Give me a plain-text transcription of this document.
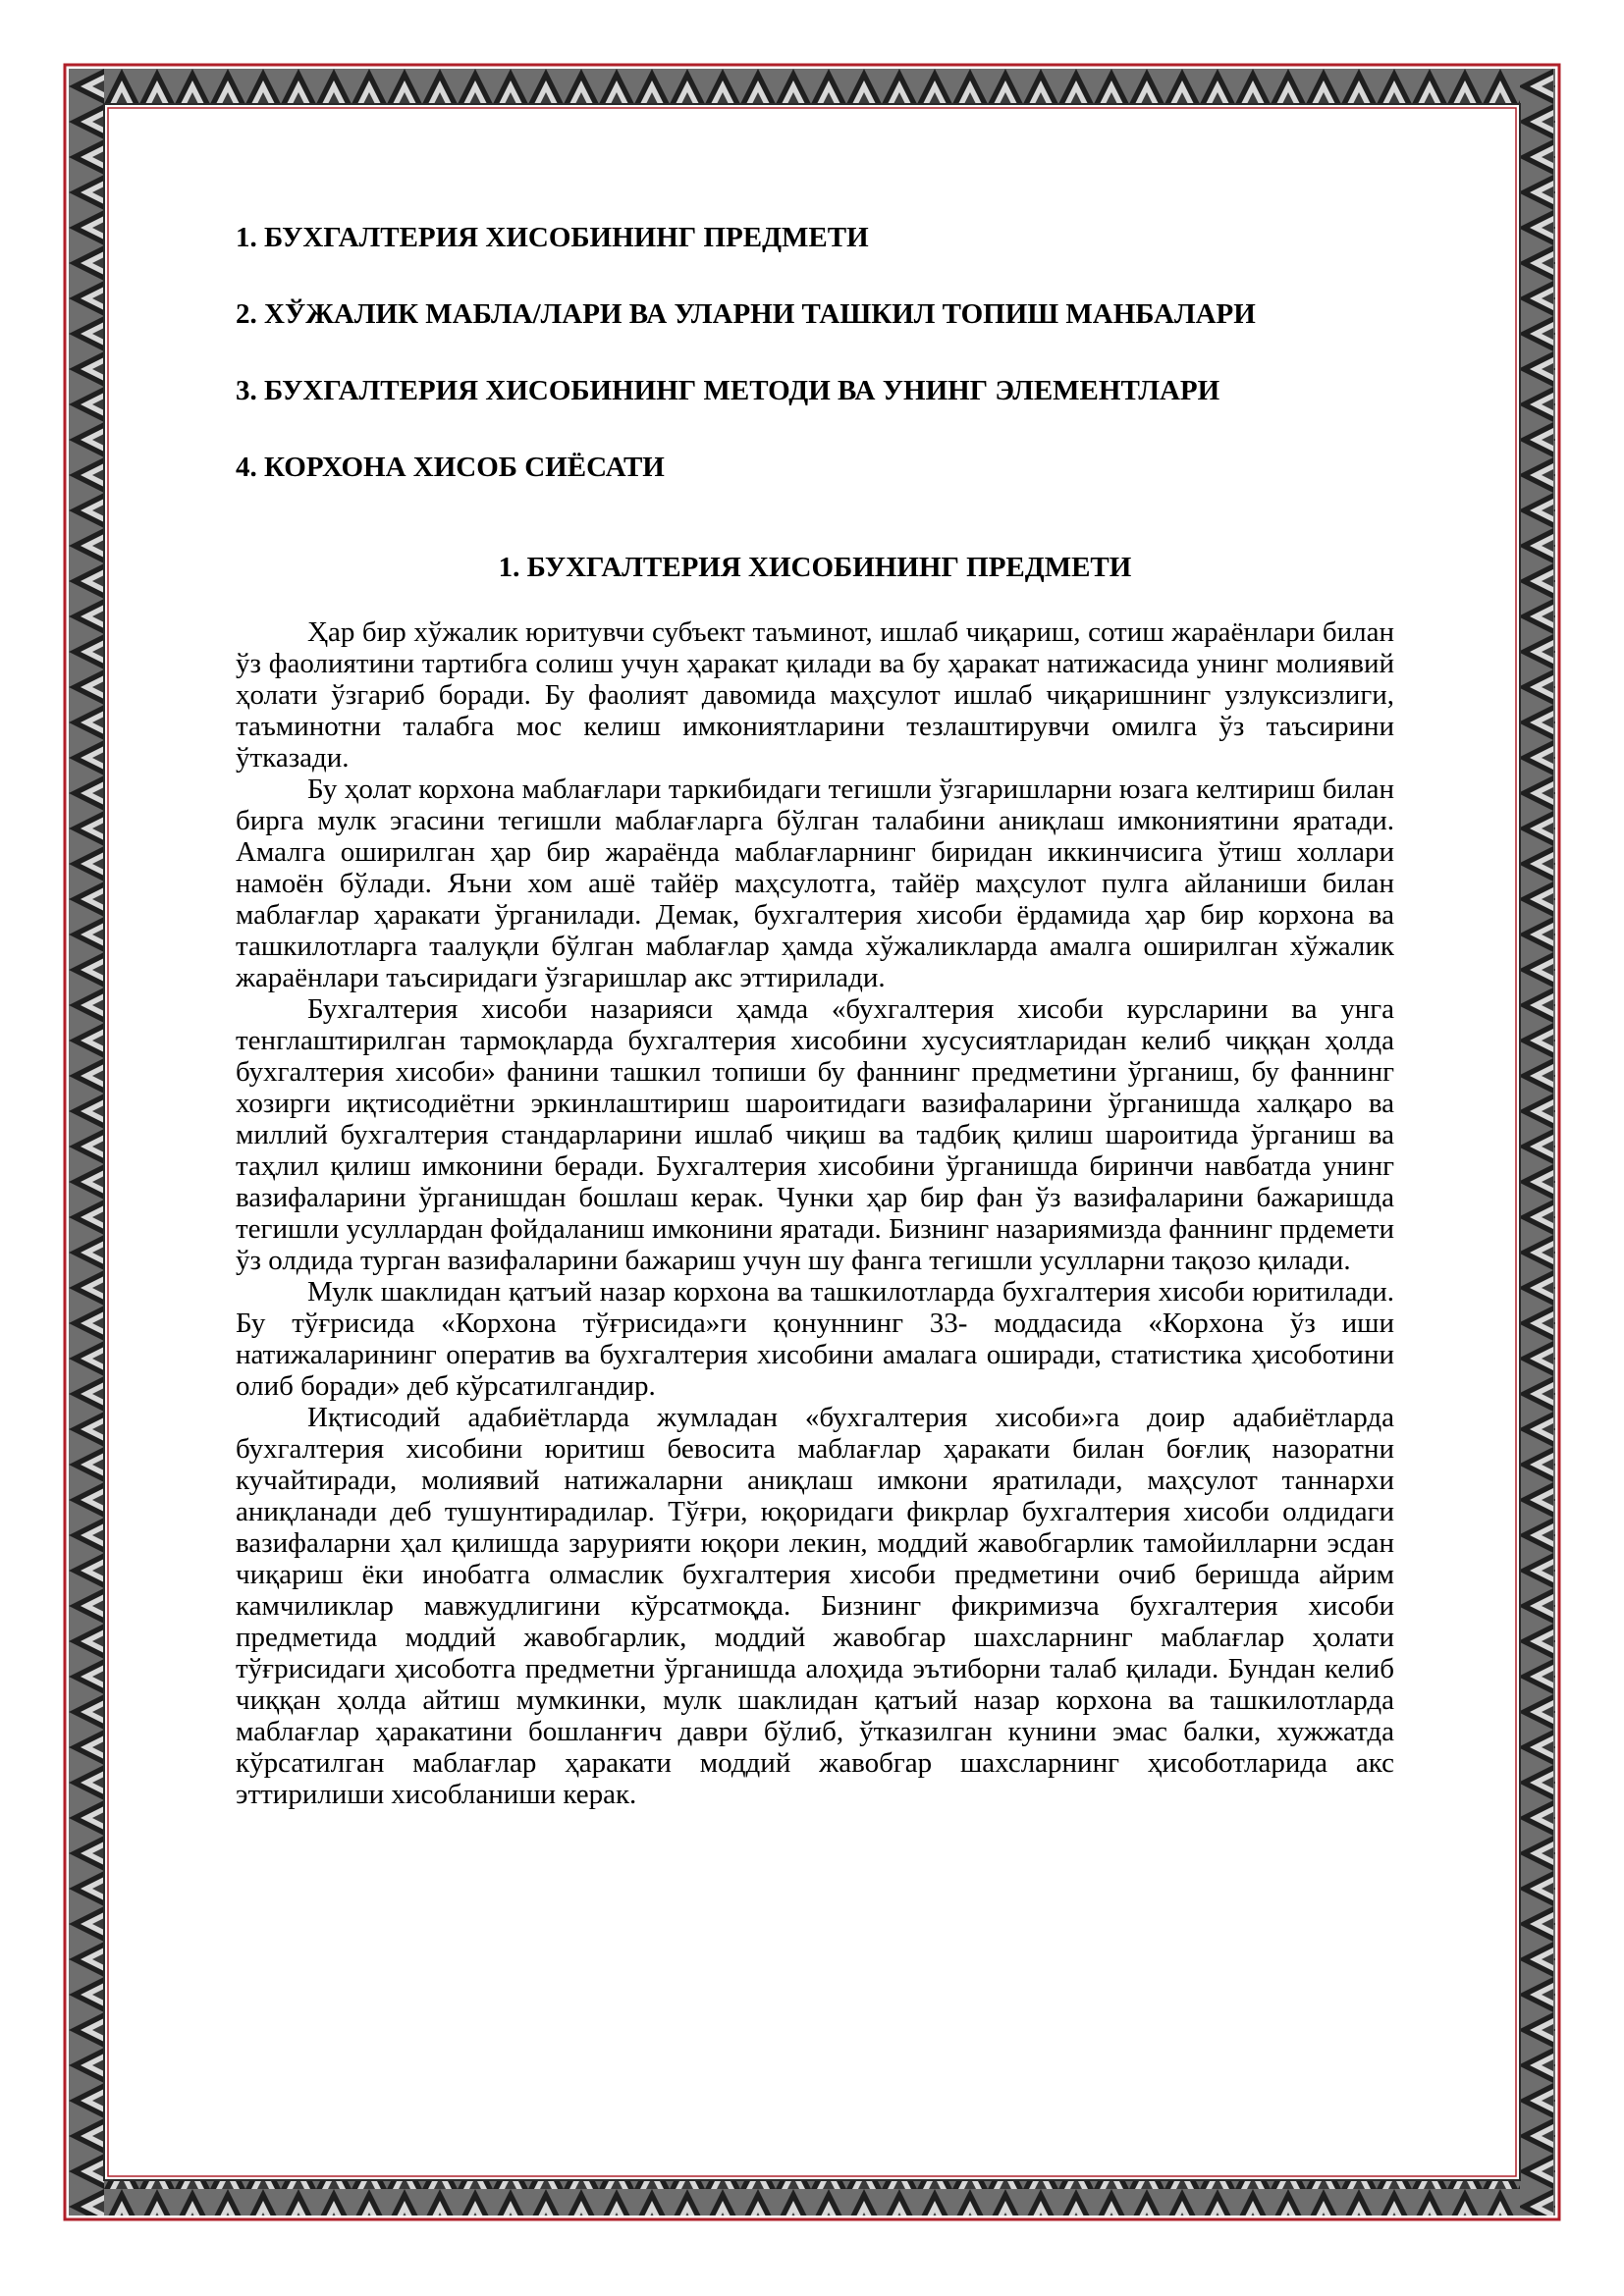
1. БУХГАЛТЕРИЯ ХИСОБИНИНГ ПРЕДМЕТИ
2. ХЎЖАЛИК МАБЛА/ЛАРИ ВА УЛАРНИ ТАШКИЛ ТОПИШ МАНБАЛАРИ
3. БУХГАЛТЕРИЯ ХИСОБИНИНГ МЕТОДИ ВА УНИНГ ЭЛЕМЕНТЛАРИ
4. КОРХОНА ХИСОБ СИЁСАТИ
1. БУХГАЛТЕРИЯ ХИСОБИНИНГ ПРЕДМЕТИ

Ҳар бир хўжалик юритувчи субъект таъминот, ишлаб чиқариш, сотиш жараёнлари билан ўз фаолиятини тартибга солиш учун ҳаракат қилади ва бу ҳаракат натижасида унинг молиявий ҳолати ўзгариб боради. Бу фаолият давомида маҳсулот ишлаб чиқаришнинг узлуксизлиги, таъминотни талабга мос келиш имкониятларини тезлаштирувчи омилга ўз таъсирини ўтказади.

Бу ҳолат корхона маблағлари таркибидаги тегишли ўзгаришларни юзага келтириш билан бирга мулк эгасини тегишли маблағларга бўлган талабини аниқлаш имкониятини яратади. Амалга оширилган ҳар бир жараёнда маблағларнинг биридан иккинчисига ўтиш холлари намоён бўлади. Яъни хом ашё тайёр маҳсулотга, тайёр маҳсулот пулга айланиши билан маблағлар ҳаракати ўрганилади. Демак, бухгалтерия хисоби ёрдамида ҳар бир корхона ва ташкилотларга таалуқли бўлган маблағлар ҳамда хўжаликларда амалга оширилган хўжалик жараёнлари таъсиридаги ўзгаришлар акс эттирилади.

Бухгалтерия хисоби назарияси ҳамда «бухгалтерия хисоби курсларини ва унга тенглаштирилган тармоқларда бухгалтерия хисобини хусусиятларидан келиб чиққан ҳолда бухгалтерия хисоби» фанини ташкил топиши бу фаннинг предметини ўрганиш, бу фаннинг хозирги иқтисодиётни эркинлаштириш шароитидаги вазифаларини ўрганишда халқаро ва миллий бухгалтерия стандарларини ишлаб чиқиш ва тадбиқ қилиш шароитида ўрганиш ва таҳлил қилиш имконини беради. Бухгалтерия хисобини ўрганишда биринчи навбатда унинг вазифаларини ўрганишдан бошлаш керак. Чунки ҳар бир фан ўз вазифаларини бажаришда тегишли усуллардан фойдаланиш имконини яратади. Бизнинг назариямизда фаннинг прдемети ўз олдида турган вазифаларини бажариш учун шу фанга тегишли усулларни тақозо қилади.

Мулк шаклидан қатъий назар корхона ва ташкилотларда бухгалтерия хисоби юритилади. Бу тўғрисида «Корхона тўғрисида»ги қонуннинг 33- моддасида «Корхона ўз иши натижаларининг оператив ва бухгалтерия хисобини амалага оширади, статистика ҳисоботини олиб боради» деб кўрсатилгандир.

Иқтисодий адабиётларда жумладан «бухгалтерия хисоби»га доир адабиётларда бухгалтерия хисобини юритиш бевосита маблағлар ҳаракати билан боғлиқ назоратни кучайтиради, молиявий натижаларни аниқлаш имкони яратилади, маҳсулот таннархи аниқланади деб тушунтирадилар. Тўғри, юқоридаги фикрлар бухгалтерия хисоби олдидаги вазифаларни ҳал қилишда зарурияти юқори лекин, моддий жавобгарлик тамойилларни эсдан чиқариш ёки инобатга олмаслик бухгалтерия хисоби предметини очиб беришда айрим камчиликлар мавжудлигини кўрсатмоқда. Бизнинг фикримизча бухгалтерия хисоби предметида моддий жавобгарлик, моддий жавобгар шахсларнинг маблағлар ҳолати тўғрисидаги ҳисоботга предметни ўрганишда алоҳида эътиборни талаб қилади. Бундан келиб чиққан ҳолда айтиш мумкинки, мулк шаклидан қатъий назар корхона ва ташкилотларда маблағлар ҳаракатини бошланғич даври бўлиб, ўтказилган кунини эмас балки, хужжатда кўрсатилган маблағлар ҳаракати моддий жавобгар шахсларнинг ҳисоботларида акс эттирилиши хисобланиши керак.
